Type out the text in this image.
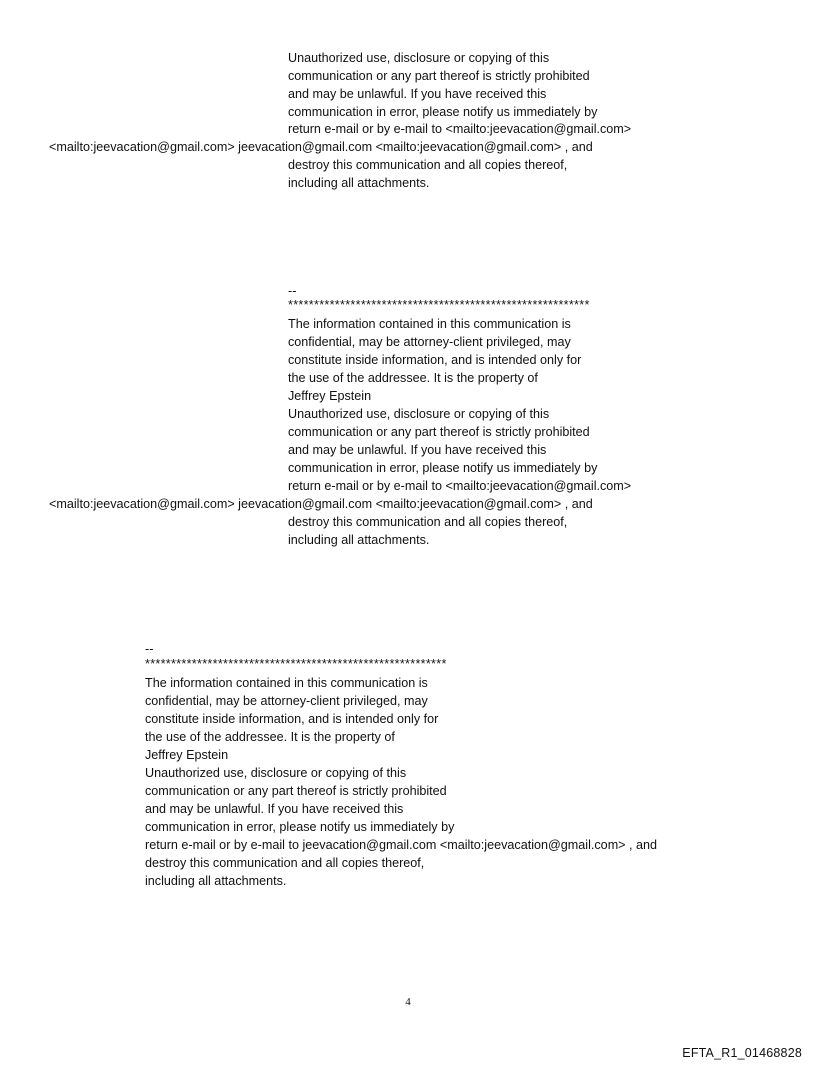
Unauthorized use, disclosure or copying of this
communication or any part thereof is strictly prohibited
and may be unlawful. If you have received this
communication in error, please notify us immediately by
return e-mail or by e-mail to <mailto:jeevacation@gmail.com>
<mailto:jeevacation@gmail.com> jeevacation@gmail.com <mailto:jeevacation@gmail.com> , and
destroy this communication and all copies thereof,
including all attachments.
--
**********************************************************
The information contained in this communication is
confidential, may be attorney-client privileged, may
constitute inside information, and is intended only for
the use of the addressee. It is the property of
Jeffrey Epstein
Unauthorized use, disclosure or copying of this
communication or any part thereof is strictly prohibited
and may be unlawful. If you have received this
communication in error, please notify us immediately by
return e-mail or by e-mail to <mailto:jeevacation@gmail.com>
<mailto:jeevacation@gmail.com> jeevacation@gmail.com <mailto:jeevacation@gmail.com> , and
destroy this communication and all copies thereof,
including all attachments.
--
**********************************************************
The information contained in this communication is
confidential, may be attorney-client privileged, may
constitute inside information, and is intended only for
the use of the addressee. It is the property of
Jeffrey Epstein
Unauthorized use, disclosure or copying of this
communication or any part thereof is strictly prohibited
and may be unlawful. If you have received this
communication in error, please notify us immediately by
return e-mail or by e-mail to jeevacation@gmail.com <mailto:jeevacation@gmail.com> , and
destroy this communication and all copies thereof,
including all attachments.
4
EFTA_R1_01468828
